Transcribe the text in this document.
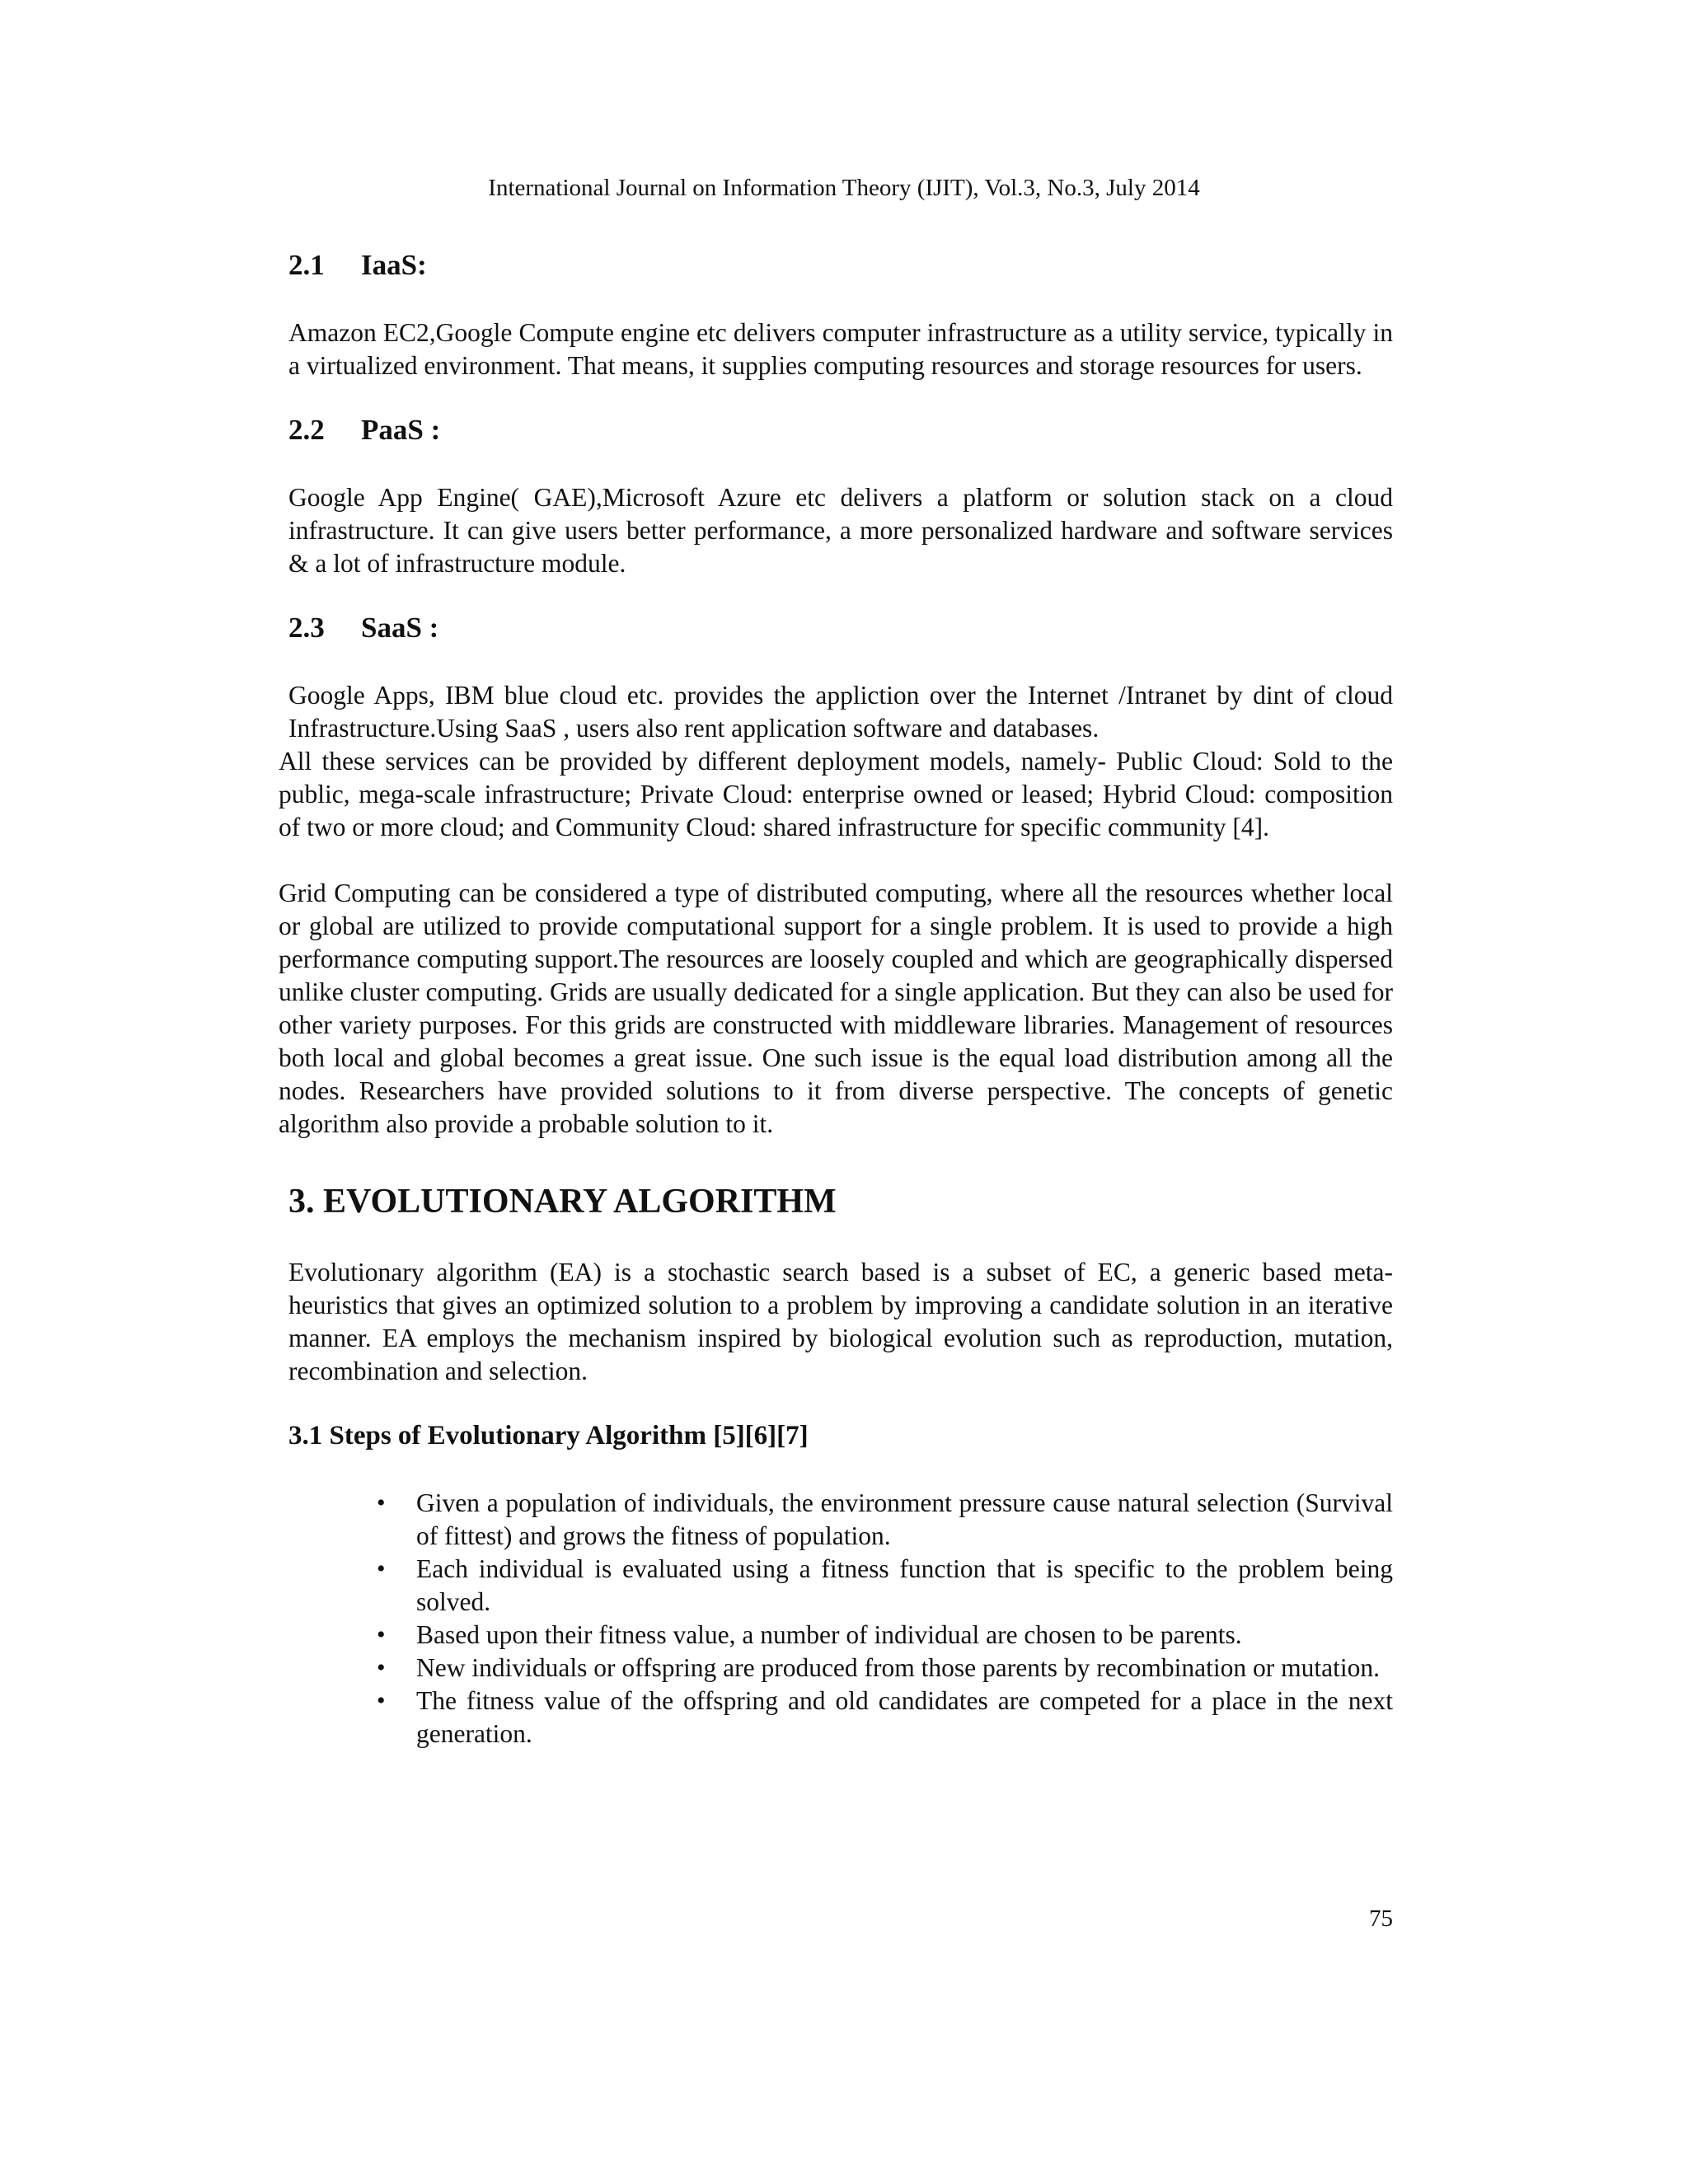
International Journal on Information Theory (IJIT), Vol.3, No.3, July 2014
2.1 IaaS:

Amazon EC2,Google Compute engine etc delivers computer infrastructure as a utility service, typically in a virtualized environment. That means, it supplies computing resources and storage resources for users.

2.2 PaaS :

Google App Engine( GAE),Microsoft Azure etc delivers a platform or solution stack on a cloud infrastructure. It can give users better performance, a more personalized hardware and software services & a lot of infrastructure module.

2.3 SaaS :

Google Apps, IBM blue cloud etc. provides the appliction over the Internet /Intranet by dint of cloud Infrastructure.Using SaaS , users also rent application software and databases.

All these services can be provided by different deployment models, namely- Public Cloud: Sold to the public, mega-scale infrastructure; Private Cloud: enterprise owned or leased; Hybrid Cloud: composition of two or more cloud; and Community Cloud: shared infrastructure for specific community [4].

Grid Computing can be considered a type of distributed computing, where all the resources whether local or global are utilized to provide computational support for a single problem. It is used to provide a high performance computing support.The resources are loosely coupled and which are geographically dispersed unlike cluster computing. Grids are usually dedicated for a single application. But they can also be used for other variety purposes. For this grids are constructed with middleware libraries. Management of resources both local and global becomes a great issue. One such issue is the equal load distribution among all the nodes. Researchers have provided solutions to it from diverse perspective. The concepts of genetic algorithm also provide a probable solution to it.

3. EVOLUTIONARY ALGORITHM

Evolutionary algorithm (EA) is a stochastic search based is a subset of EC, a generic based meta-heuristics that gives an optimized solution to a problem by improving a candidate solution in an iterative manner. EA employs the mechanism inspired by biological evolution such as reproduction, mutation, recombination and selection.

3.1 Steps of Evolutionary Algorithm [5][6][7]
• Given a population of individuals, the environment pressure cause natural selection (Survival of fittest) and grows the fitness of population.
• Each individual is evaluated using a fitness function that is specific to the problem being solved.
• Based upon their fitness value, a number of individual are chosen to be parents.
• New individuals or offspring are produced from those parents by recombination or mutation.
• The fitness value of the offspring and old candidates are competed for a place in the next generation.
75
